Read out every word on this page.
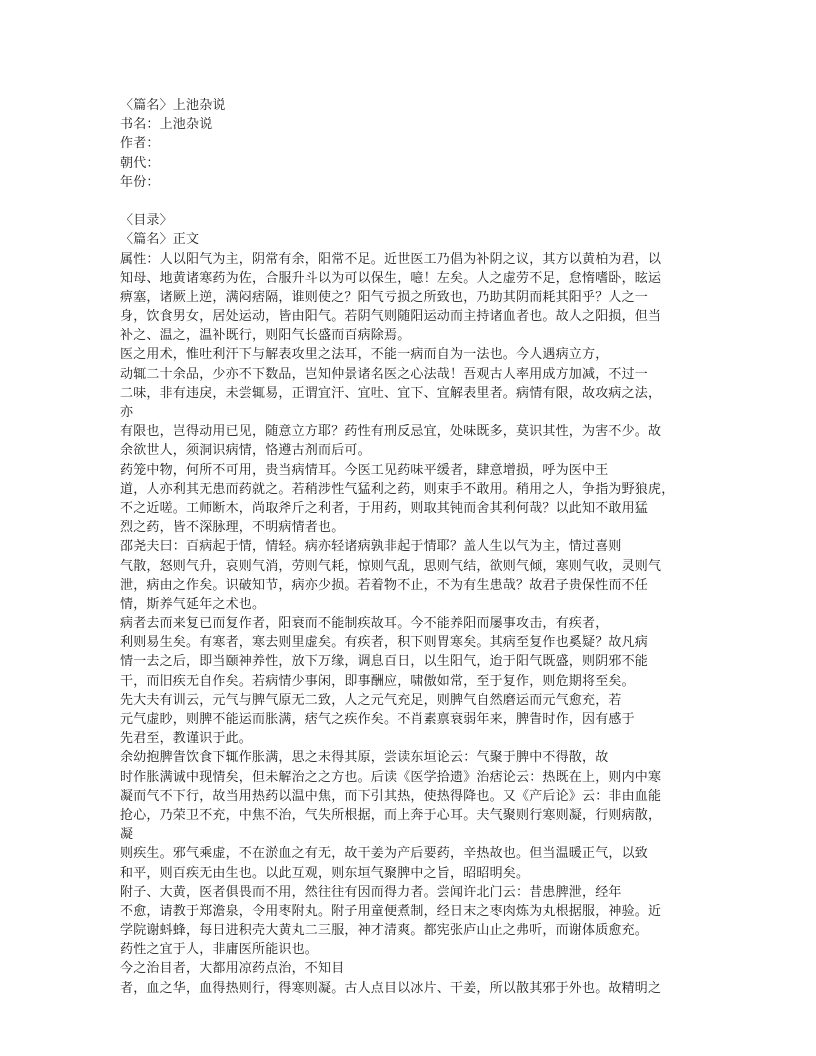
〈篇名〉上池杂说
书名：上池杂说
作者：
朝代：
年份：
〈目录〉
〈篇名〉正文
属性：人以阳气为主，阴常有余，阳常不足。近世医工乃倡为补阴之议，其方以黄柏为君，以
知母、地黄诸寒药为佐，合服升斗以为可以保生，噫！左矣。人之虚劳不足，怠惰嗜卧，眩运
痹塞，诸厥上逆，满闷痞隔，谁则使之？阳气亏损之所致也，乃助其阴而耗其阳乎？人之一
身，饮食男女，居处运动，皆由阳气。若阴气则随阳运动而主持诸血者也。故人之阳损，但当
补之、温之，温补既行，则阳气长盛而百病除焉。
医之用术，惟吐利汗下与解表攻里之法耳，不能一病而自为一法也。今人遇病立方，
动辄二十余品，少亦不下数品，岂知仲景诸名医之心法哉！吾观古人率用成方加减，不过一
二味，非有违戾，未尝辄易，正谓宜汗、宜吐、宜下、宜解表里者。病情有限，故攻病之法，
亦
有限也，岂得动用已见，随意立方耶？药性有刑反忌宜，处味既多，莫识其性，为害不少。故
余欲世人，须洞识病情，恪遵古剂而后可。
药笼中物，何所不可用，贵当病情耳。今医工见药味平缓者，肆意增损，呼为医中王
道，人亦利其无患而药就之。若稍涉性气猛利之药，则束手不敢用。稍用之人，争指为野狼虎，
不之近嗟。工师断木，尚取斧斤之利者，于用药，则取其钝而舍其利何哉？以此知不敢用猛
烈之药，皆不深脉理，不明病情者也。
邵尧夫曰：百病起于情，情轻。病亦轻诸病孰非起于情耶？盖人生以气为主，情过喜则
气散，怒则气升，哀则气消，劳则气耗，惊则气乱，思则气结，欲则气倾，寒则气收，灵则气
泄，病由之作矣。识破知节，病亦少损。若着物不止，不为有生患哉？故君子贵保性而不任
情，斯养气延年之术也。
病者去而来复已而复作者，阳衰而不能制疾故耳。今不能养阳而屡事攻击，有疾者，
利则易生矣。有寒者，寒去则里虚矣。有疾者，积下则胃寒矣。其病至复作也奚疑？故凡病
情一去之后，即当颐神养性，放下万缘，调息百日，以生阳气，迨于阳气既盛，则阴邪不能
干，而旧疾无自作矣。若病情少事闲，即事酬应，啸傲如常，至于复作，则危期将至矣。
先大夫有训云，元气与脾气原无二致，人之元气充足，则脾气自然磨运而元气愈充，若
元气虚眇，则脾不能运而胀满，痞气之疾作矣。不肖素禀衰弱年来，脾眚时作，因有感于
先君至，教谨识于此。
余幼抱脾眚饮食下辄作胀满，思之未得其原，尝读东垣论云：气聚于脾中不得散，故
时作胀满诚中现情矣，但未解治之之方也。后读《医学拾遗》治痞论云：热既在上，则内中寒
凝而气不下行，故当用热药以温中焦，而下引其热，使热得降也。又《产后论》云：非由血能
抢心，乃荣卫不充，中焦不治，气失所根据，而上奔于心耳。夫气聚则行寒则凝，行则病散，
凝
则疾生。邪气乘虚，不在淤血之有无，故干姜为产后要药，辛热故也。但当温暖正气，以致
和平，则百疾无由生也。以此互观，则东垣气聚脾中之旨，昭昭明矣。
附子、大黄，医者俱畏而不用，然往往有因而得力者。尝闻许北门云：昔患脾泄，经年
不愈，请教于郑澹泉，令用枣附丸。附子用童便煮制，经日末之枣肉炼为丸根据服，神验。近
学院谢蚪蜂，每日进积壳大黄丸二三服，神才清爽。都宪张庐山止之弗听，而谢体质愈充。
药性之宜于人，非庸医所能识也。
今之治目者，大都用凉药点治，不知目
者，血之华，血得热则行，得寒则凝。古人点目以冰片、干姜，所以散其邪于外也。故精明之
